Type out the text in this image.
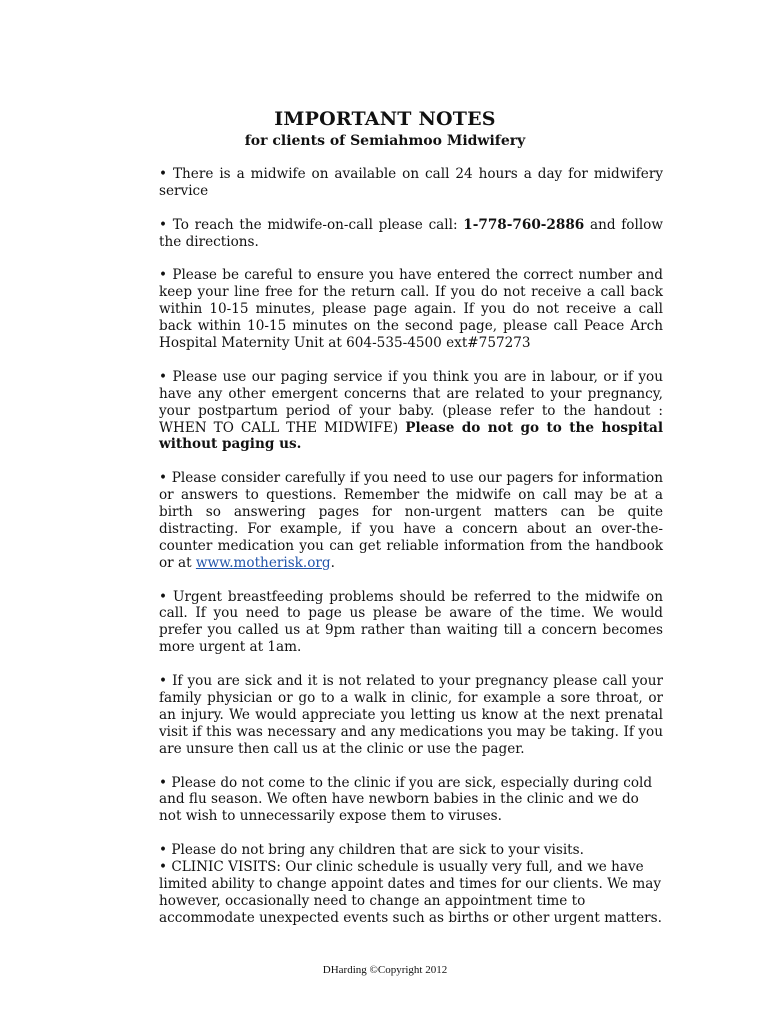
IMPORTANT NOTES
for clients of Semiahmoo Midwifery

• There is a midwife on available on call 24 hours a day for midwifery service

• To reach the midwife-on-call please call: 1-778-760-2886 and follow the directions.

• Please be careful to ensure you have entered the correct number and keep your line free for the return call. If you do not receive a call back within 10-15 minutes, please page again. If you do not receive a call back within 10-15 minutes on the second page, please call Peace Arch Hospital Maternity Unit at 604-535-4500 ext#757273

• Please use our paging service if you think you are in labour, or if you have any other emergent concerns that are related to your pregnancy, your postpartum period of your baby. (please refer to the handout : WHEN TO CALL THE MIDWIFE) Please do not go to the hospital without paging us.

• Please consider carefully if you need to use our pagers for information or answers to questions. Remember the midwife on call may be at a birth so answering pages for non-urgent matters can be quite distracting. For example, if you have a concern about an over-the-counter medication you can get reliable information from the handbook or at www.motherisk.org.

• Urgent breastfeeding problems should be referred to the midwife on call. If you need to page us please be aware of the time. We would prefer you called us at 9pm rather than waiting till a concern becomes more urgent at 1am.

• If you are sick and it is not related to your pregnancy please call your family physician or go to a walk in clinic, for example a sore throat, or an injury. We would appreciate you letting us know at the next prenatal visit if this was necessary and any medications you may be taking. If you are unsure then call us at the clinic or use the pager.

• Please do not come to the clinic if you are sick, especially during cold and flu season. We often have newborn babies in the clinic and we do not wish to unnecessarily expose them to viruses.

• Please do not bring any children that are sick to your visits.

• CLINIC VISITS: Our clinic schedule is usually very full, and we have limited ability to change appoint dates and times for our clients. We may however, occasionally need to change an appointment time to accommodate unexpected events such as births or other urgent matters.

DHarding ©Copyright 2012
